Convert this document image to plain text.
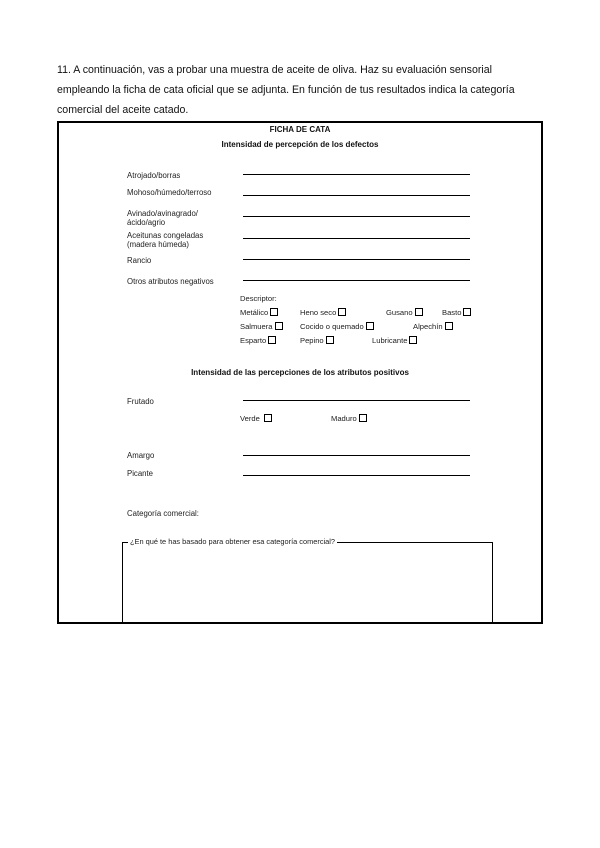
11. A continuación, vas a probar una muestra de aceite de oliva. Haz su evaluación sensorial

empleando la ficha de cata oficial que se adjunta. En función de tus resultados indica la categoría

comercial del aceite catado.

FICHA DE CATA
Intensidad de percepción de los defectos
Atrojado/borras
Mohoso/húmedo/terroso
Avinado/avinagrado/
ácido/agrio
Aceitunas congeladas
(madera húmeda)
Rancio
Otros atributos negativos
Descriptor:
Metálico	Heno seco	Gusano	Basto
Salmuera	Cocido o quemado	Alpechín
Esparto	Pepino	Lubricante
Intensidad de las percepciones de los atributos positivos
Frutado
Verde	Maduro
Amargo
Picante
Categoría comercial:
¿En qué te has basado para obtener esa categoría comercial?
